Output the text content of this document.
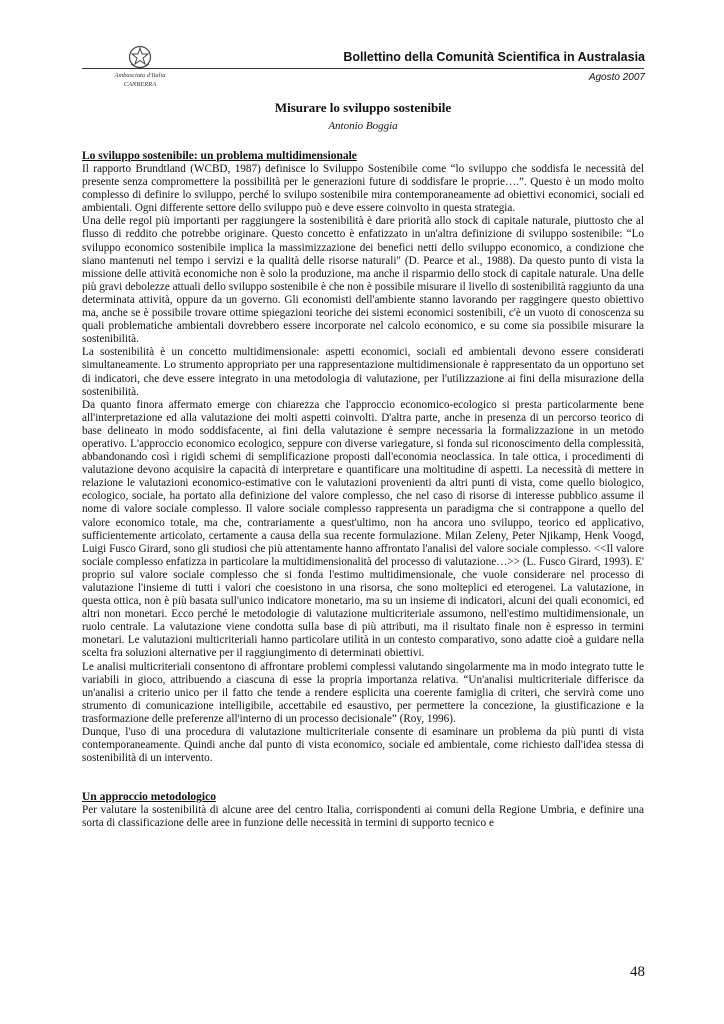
Ambasciata d'Italia
CANBERRA
Bollettino della Comunità Scientifica in Australasia
Agosto 2007
Misurare lo sviluppo sostenibile
Antonio Boggia
Lo sviluppo sostenibile: un problema multidimensionale

Il rapporto Brundtland (WCBD, 1987) definisce lo Sviluppo Sostenibile come “lo sviluppo che soddisfa le necessità del presente senza compromettere la possibilità per le generazioni future di soddisfare le proprie….”. Questo è un modo molto complesso di definire lo sviluppo, perché lo svilupo sostenibile mira contemporaneamente ad obiettivi economici, sociali ed ambientali. Ogni differente settore dello sviluppo può e deve essere coinvolto in questa strategia.

Una delle regol più importanti per raggiungere la sostenibilità è dare priorità allo stock di capitale naturale, piuttosto che al flusso di reddito che potrebbe originare. Questo concetto è enfatizzato in un'altra definizione di sviluppo sostenibile: “Lo sviluppo economico sostenibile implica la massimizzazione dei benefici netti dello sviluppo economico, a condizione che siano mantenuti nel tempo i servizi e la qualità delle risorse naturali" (D. Pearce et al., 1988). Da questo punto di vista la missione delle attività economiche non è solo la produzione, ma anche il risparmio dello stock di capitale naturale. Una delle più gravi debolezze attuali dello sviluppo sostenibile è che non è possibile misurare il livello di sostenibilità raggiunto da una determinata attività, oppure da un governo. Gli economisti dell'ambiente stanno lavorando per raggingere questo obiettivo ma, anche se è possibile trovare ottime spiegazioni teoriche dei sistemi economici sostenibili, c'è un vuoto di conoscenza su quali problematiche ambientali dovrebbero essere incorporate nel calcolo economico, e su come sia possibile misurare la sostenibilità.

La sostenibilità è un concetto multidimensionale: aspetti economici, sociali ed ambientali devono essere considerati simultaneamente. Lo strumento appropriato per una rappresentazione multidimensionale è rappresentato da un opportuno set di indicatori, che deve essere integrato in una metodologia di valutazione, per l'utilizzazione ai fini della misurazione della sostenibilità.

Da quanto finora affermato emerge con chiarezza che l'approccio economico-ecologico si presta particolarmente bene all'interpretazione ed alla valutazione dei molti aspetti coinvolti. D'altra parte, anche in presenza di un percorso teorico di base delineato in modo soddisfacente, ai fini della valutazione è sempre necessaria la formalizzazione in un metodo operativo. L'approccio economico ecologico, seppure con diverse variegature, si fonda sul riconoscimento della complessità, abbandonando così i rigidi schemi di semplificazione proposti dall'economia neoclassica. In tale ottica, i procedimenti di valutazione devono acquisire la capacità di interpretare e quantificare una moltitudine di aspetti. La necessità di mettere in relazione le valutazioni economico-estimative con le valutazioni provenienti da altri punti di vista, come quello biologico, ecologico, sociale, ha portato alla definizione del valore complesso, che nel caso di risorse di interesse pubblico assume il nome di valore sociale complesso. Il valore sociale complesso rappresenta un paradigma che si contrappone a quello del valore economico totale, ma che, contrariamente a quest'ultimo, non ha ancora uno sviluppo, teorico ed applicativo, sufficientemente articolato, certamente a causa della sua recente formulazione. Milan Zeleny, Peter Njikamp, Henk Voogd, Luigi Fusco Girard, sono gli studiosi che più attentamente hanno affrontato l'analisi del valore sociale complesso. <<Il valore sociale complesso enfatizza in particolare la multidimensionalità del processo di valutazione…>> (L. Fusco Girard, 1993). E' proprio sul valore sociale complesso che si fonda l'estimo multidimensionale, che vuole considerare nel processo di valutazione l'insieme di tutti i valori che coesistono in una risorsa, che sono molteplici ed eterogenei. La valutazione, in questa ottica, non è più basata sull'unico indicatore monetario, ma su un insieme di indicatori, alcuni dei quali economici, ed altri non monetari. Ecco perché le metodologie di valutazione multicriteriale assumono, nell'estimo multidimensionale, un ruolo centrale. La valutazione viene condotta sulla base di più attributi, ma il risultato finale non è espresso in termini monetari. Le valutazioni multicriteriali hanno particolare utilità in un contesto comparativo, sono adatte cioè a guidare nella scelta fra soluzioni alternative per il raggiungimento di determinati obiettivi.

Le analisi multicriteriali consentono di affrontare problemi complessi valutando singolarmente ma in modo integrato tutte le variabili in gioco, attribuendo a ciascuna di esse la propria importanza relativa. “Un'analisi multicriteriale differisce da un'analisi a criterio unico per il fatto che tende a rendere esplicita una coerente famiglia di criteri, che servirà come uno strumento di comunicazione intelligibile, accettabile ed esaustivo, per permettere la concezione, la giustificazione e la trasformazione delle preferenze all'interno di un processo decisionale” (Roy, 1996).

Dunque, l'uso di una procedura di valutazione multicriteriale consente di esaminare un problema da più punti di vista contemporaneamente. Quindi anche dal punto di vista economico, sociale ed ambientale, come richiesto dall'idea stessa di sostenibilità di un intervento.

Un approccio metodologico

Per valutare la sostenibilità di alcune aree del centro Italia, corrispondenti ai comuni della Regione Umbria, e definire una sorta di classificazione delle aree in funzione delle necessità in termini di supporto tecnico e

48
